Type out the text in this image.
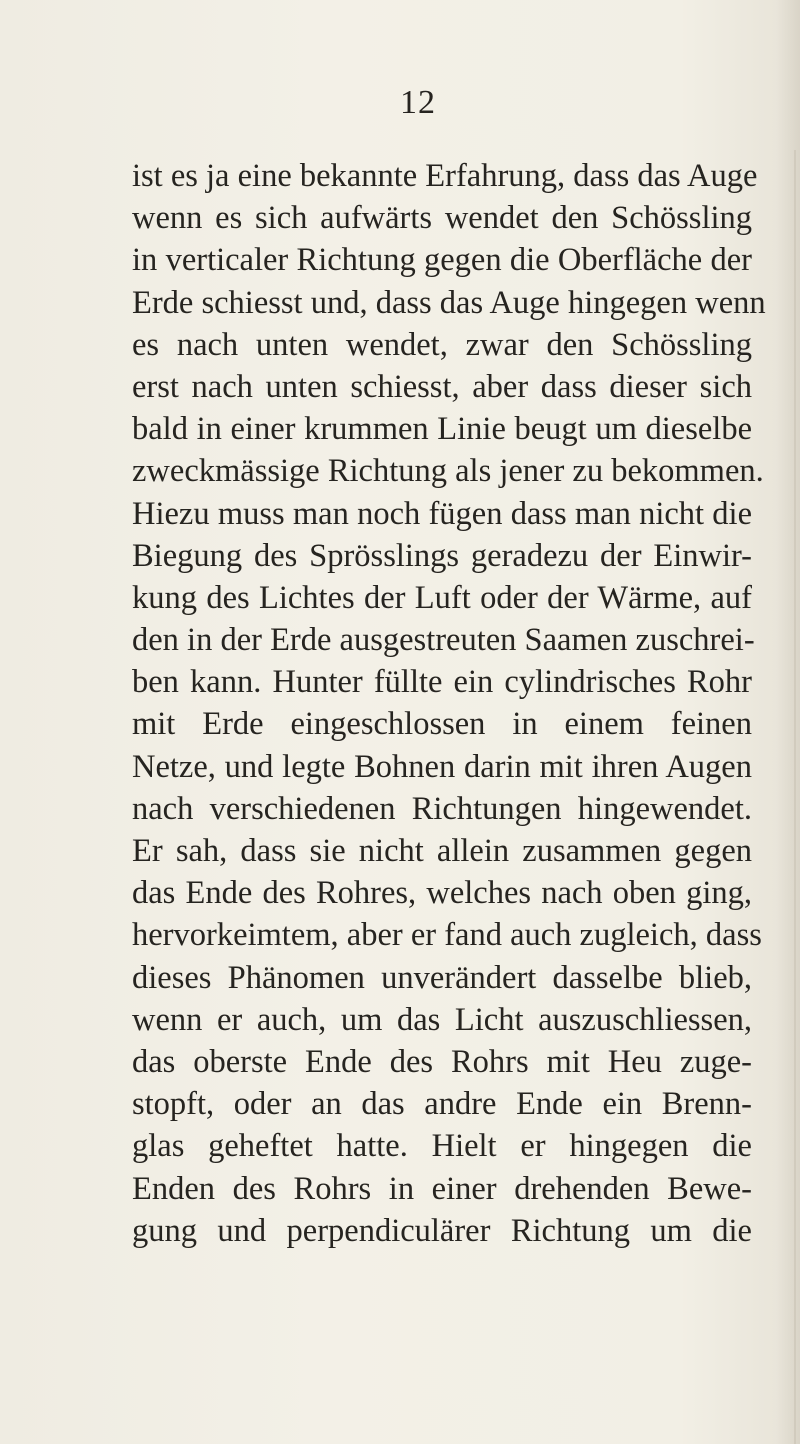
12
ist es ja eine bekannte Erfahrung, dass das Auge
wenn es sich aufwärts wendet den Schössling
in verticaler Richtung gegen die Oberfläche der
Erde schiesst und, dass das Auge hingegen wenn
es nach unten wendet, zwar den Schössling
erst nach unten schiesst, aber dass dieser sich
bald in einer krummen Linie beugt um dieselbe
zweckmässige Richtung als jener zu bekommen.
Hiezu muss man noch fügen dass man nicht die
Biegung des Sprösslings geradezu der Einwir-
kung des Lichtes der Luft oder der Wärme, auf
den in der Erde ausgestreuten Saamen zuschrei-
ben kann. Hunter füllte ein cylindrisches Rohr
mit Erde eingeschlossen in einem feinen
Netze, und legte Bohnen darin mit ihren Augen
nach verschiedenen Richtungen hingewendet.
Er sah, dass sie nicht allein zusammen gegen
das Ende des Rohres, welches nach oben ging,
hervorkeimtem, aber er fand auch zugleich, dass
dieses Phänomen unverändert dasselbe blieb,
wenn er auch, um das Licht auszuschliessen,
das oberste Ende des Rohrs mit Heu zuge-
stopft, oder an das andre Ende ein Brenn-
glas geheftet hatte. Hielt er hingegen die
Enden des Rohrs in einer drehenden Bewe-
gung und perpendiculärer Richtung um die
